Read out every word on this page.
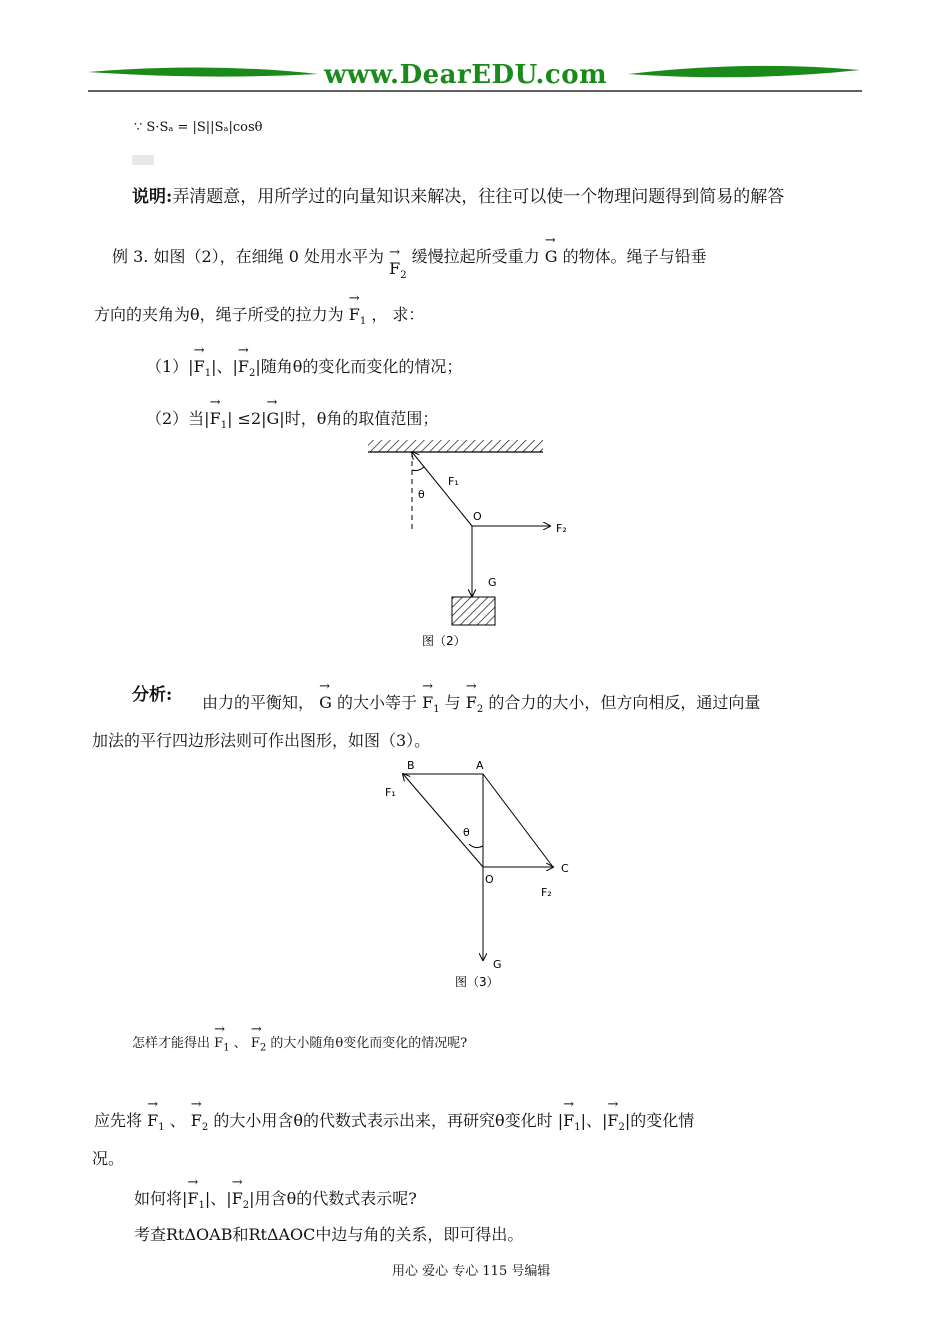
www.DearEDU.com
∵ S·Sₐ = |S||Sₐ|cosθ
说明:弄清题意，用所学过的向量知识来解决，往往可以使一个物理问题得到简易的解答
例 3. 如图（2），在细绳 0 处用水平为 → $F_2$ 缓慢拉起所受重力 → G 的物体。绳子与铅垂
方向的夹角为θ，绳子所受的拉力为 → $F_1$ ， 求：
$(1)|\to F_1|$、|→ $F_2|$随角θ的变化而变化的情况；
（2）当|→ $F_1| \le 2|\to G|$时，θ角的取值范围；
θ
F₁
O
F₂
G
图（2）
分析: 由力的平衡知， → G 的大小等于 → $F_1$ 与 → $F_2$ 的合力的大小，但方向相反，通过向量
加法的平行四边形法则可作出图形，如图（3）。
B	A
F₁
θ
O
C
F₂
G
图（3）
怎样才能得出 → $F_1$ 、 → $F_2$ 的大小随角θ变化而变化的情况呢?
应先将 → $F_1$ 、 → $F_2$ 的大小用含θ的代数式表示出来，再研究θ变化时 |→ $F_1|$、|→ $F_2|$的变化情
况。
如何将|→ $F_1|$、|→ $F_2|$用含θ的代数式表示呢?
考查RtΔOAB和RtΔAOC中边与角的关系，即可得出。
用心 爱心 专心 115 号编辑
